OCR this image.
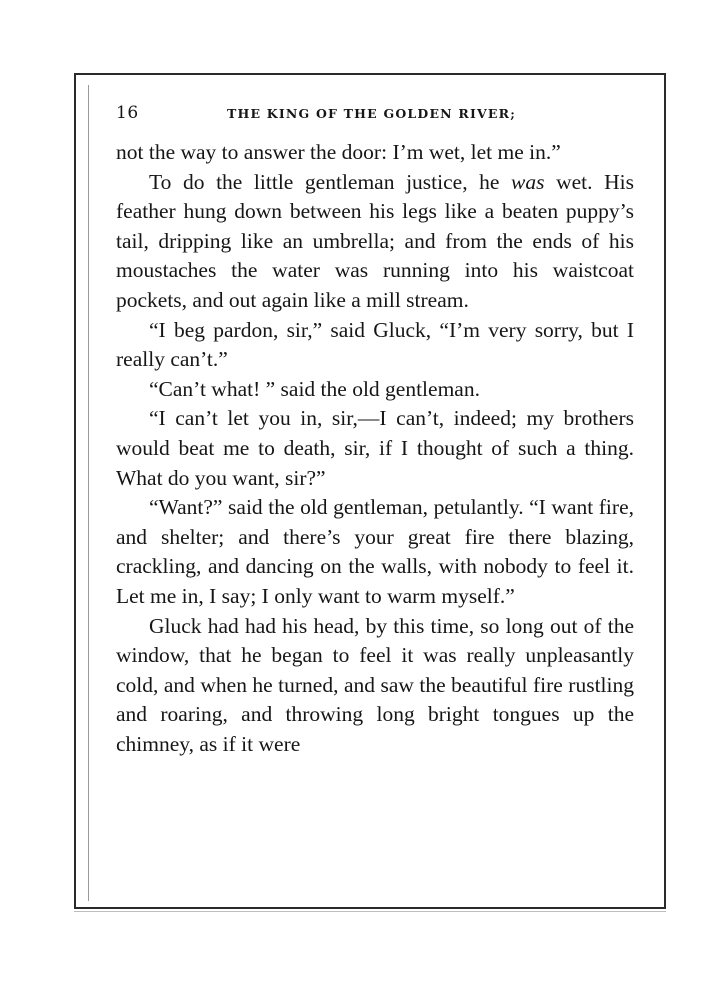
16	THE KING OF THE GOLDEN RIVER;

not the way to answer the door: I’m wet, let me in.”

To do the little gentleman justice, he was wet. His feather hung down between his legs like a beaten puppy’s tail, dripping like an umbrella; and from the ends of his moustaches the water was running into his waistcoat pockets, and out again like a mill stream.

“I beg pardon, sir,” said Gluck, “I’m very sorry, but I really can’t.”

“Can’t what! ” said the old gentleman.

“I can’t let you in, sir,—I can’t, indeed; my brothers would beat me to death, sir, if I thought of such a thing. What do you want, sir?”

“Want?” said the old gentleman, petulantly. “I want fire, and shelter; and there’s your great fire there blazing, crackling, and dancing on the walls, with nobody to feel it. Let me in, I say; I only want to warm myself.”

Gluck had had his head, by this time, so long out of the window, that he began to feel it was really unpleasantly cold, and when he turned, and saw the beautiful fire rustling and roaring, and throwing long bright tongues up the chimney, as if it were
